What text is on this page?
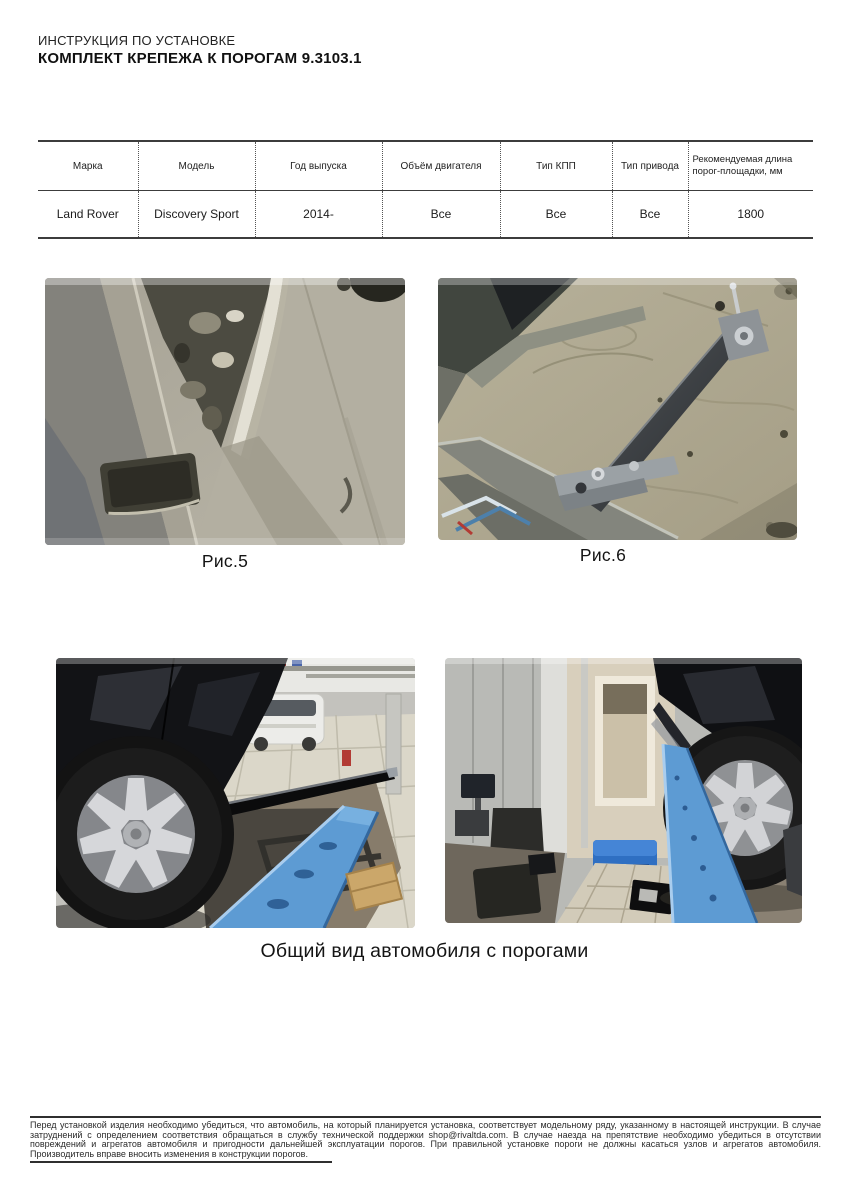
ИНСТРУКЦИЯ ПО УСТАНОВКЕ
КОМПЛЕКТ КРЕПЕЖА К ПОРОГАМ 9.3103.1
Марка	Модель	Год выпуска	Объём двигателя	Тип КПП	Тип привода	Рекомендуемая длина порог-площадки, мм
Land Rover	Discovery Sport	2014-	Все	Все	Все	1800
Рис.5	Рис.6
Общий вид автомобиля с порогами
Перед установкой изделия необходимо убедиться, что автомобиль, на который планируется установка, соответствует модельному ряду, указанному в настоящей инструкции. В случае затруднений с определением соответствия обращаться в службу технической поддержки shop@rivaltda.com. В случае наезда на препятствие необходимо убедиться в отсутствии повреждений и агрегатов автомобиля и пригодности дальнейшей эксплуатации порогов. При правильной установке пороги не должны касаться узлов и агрегатов автомобиля. Производитель вправе вносить изменения в конструкции порогов.
